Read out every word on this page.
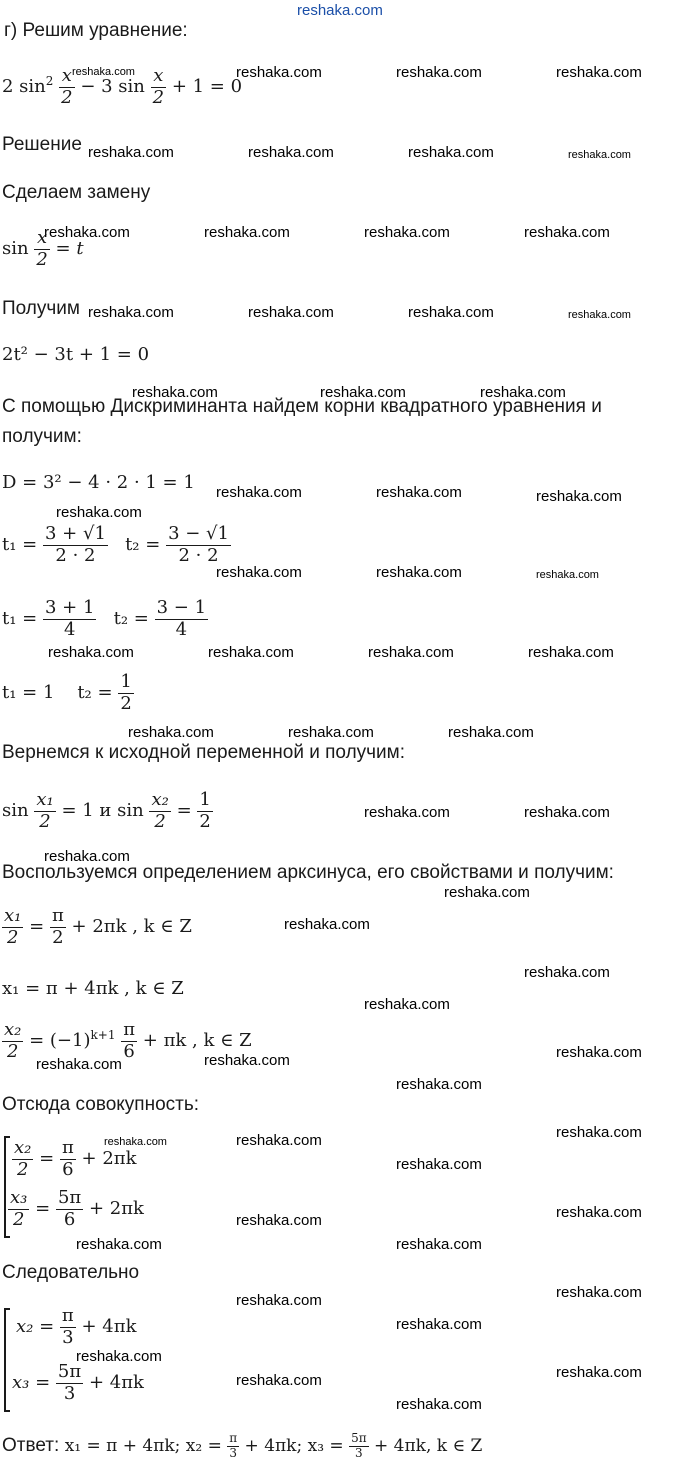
reshaka.com
г) Решим уравнение:
2 $\sin^2 \frac{x}{2} - 3$ $\sin \frac{x}{2} + 1 = 0$
Решение
Сделаем замену
$\sin \frac{x}{2} = t$
Получим
2t² − 3t + 1 = 0
С помощью Дискриминанта найдем корни квадратного уравнения и
получим:
D = 3² − 4 · 2 · 1 = 1
$t_1 = \frac{3 + √1}{2 \cdot 2} t_2 = \frac{3 - √1}{2 \cdot 2}$
$t_1 = \frac{3 + 1}{4} t_2 = \frac{3 - 1}{4}$
t₁ = 1 $t_2 = \frac{1}{2}$
Вернемся к исходной переменной и получим:
$\sin \frac{\text{x₁}}{2} = 1$ и $\sin \frac{\text{x₂}}{2} = \frac{1}{2}$
Воспользуемся определением арксинуса, его свойствами и получим:
$\frac{\text{x₁}}{2} = \frac{\pi}{2} + 2\pi k$ , k ∈ Z
x₁ = π + 4πk , k ∈ Z
$\frac{\text{x₂}}{2} = (-1)^{k+1} \frac{\pi}{6} + \pi k$ , k ∈ Z
Отсюда совокупность:
$\frac{\text{x₂}}{2} = \frac{\pi}{6} + 2\pi k$
$\frac{\text{x₃}}{2} = \frac{5\pi}{6} + 2\pi k$
Следовательно
$x_2 = \frac{\pi}{3} + 4\pi k$
$x_3 = \frac{5\pi}{3} + 4\pi k$
Ответ: x₁ = π + 4πk; $x_2 = \frac{\pi}{3} + 4\pi k$; $x_3 = \frac{5\pi}{3} + 4\pi k$, k ∈ Z
reshaka.com	reshaka.com	reshaka.com	reshaka.com
reshaka.com	reshaka.com	reshaka.com	reshaka.com
reshaka.com	reshaka.com	reshaka.com	reshaka.com
reshaka.com	reshaka.com	reshaka.com	reshaka.com
reshaka.com	reshaka.com	reshaka.com
reshaka.com	reshaka.com	reshaka.com
reshaka.com
reshaka.com	reshaka.com	reshaka.com
reshaka.com	reshaka.com	reshaka.com	reshaka.com
reshaka.com	reshaka.com	reshaka.com
reshaka.com	reshaka.com
reshaka.com
reshaka.com
reshaka.com
reshaka.com
reshaka.com
reshaka.com	reshaka.com	reshaka.com
reshaka.com
reshaka.com	reshaka.com	reshaka.com
reshaka.com
reshaka.com
reshaka.com
reshaka.com	reshaka.com
reshaka.com
reshaka.com
reshaka.com
reshaka.com
reshaka.com
reshaka.com
reshaka.com
